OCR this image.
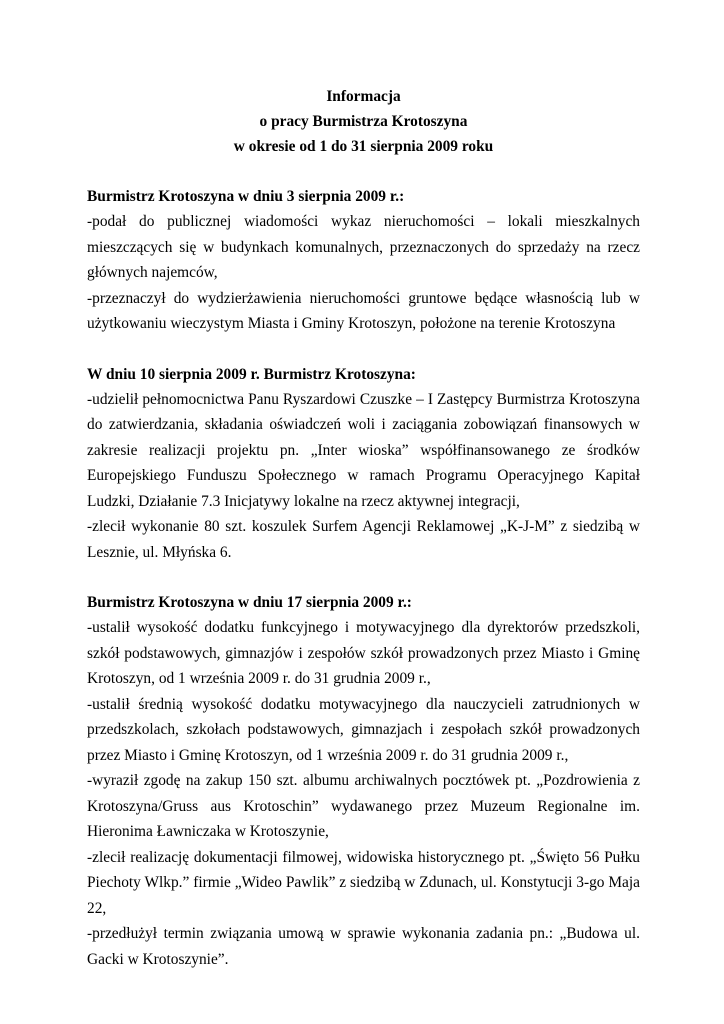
Informacja

o pracy Burmistrza Krotoszyna

w okresie od 1 do 31 sierpnia 2009 roku

Burmistrz Krotoszyna w dniu 3 sierpnia 2009 r.:

-podał do publicznej wiadomości wykaz nieruchomości – lokali mieszkalnych mieszczących się w budynkach komunalnych, przeznaczonych do sprzedaży na rzecz głównych najemców,

-przeznaczył do wydzierżawienia nieruchomości gruntowe będące własnością lub w użytkowaniu wieczystym Miasta i Gminy Krotoszyn, położone na terenie Krotoszyna

W dniu 10 sierpnia 2009 r. Burmistrz Krotoszyna:

-udzielił pełnomocnictwa Panu Ryszardowi Czuszke – I Zastępcy Burmistrza Krotoszyna do zatwierdzania, składania oświadczeń woli i zaciągania zobowiązań finansowych w zakresie realizacji projektu pn. „Inter wioska” współfinansowanego ze środków Europejskiego Funduszu Społecznego w ramach Programu Operacyjnego Kapitał Ludzki, Działanie 7.3 Inicjatywy lokalne na rzecz aktywnej integracji,

-zlecił wykonanie 80 szt. koszulek Surfem Agencji Reklamowej „K-J-M” z siedzibą w Lesznie, ul. Młyńska 6.

Burmistrz Krotoszyna w dniu 17 sierpnia 2009 r.:

-ustalił wysokość dodatku funkcyjnego i motywacyjnego dla dyrektorów przedszkoli, szkół podstawowych, gimnazjów i zespołów szkół prowadzonych przez Miasto i Gminę Krotoszyn, od 1 września 2009 r. do 31 grudnia 2009 r.,

-ustalił średnią wysokość dodatku motywacyjnego dla nauczycieli zatrudnionych w przedszkolach, szkołach podstawowych, gimnazjach i zespołach szkół prowadzonych przez Miasto i Gminę Krotoszyn, od 1 września 2009 r. do 31 grudnia 2009 r.,

-wyraził zgodę na zakup 150 szt. albumu archiwalnych pocztówek pt. „Pozdrowienia z Krotoszyna/Gruss aus Krotoschin” wydawanego przez Muzeum Regionalne im. Hieronima Ławniczaka w Krotoszynie,

-zlecił realizację dokumentacji filmowej, widowiska historycznego pt. „Święto 56 Pułku Piechoty Wlkp.” firmie „Wideo Pawlik” z siedzibą w Zdunach, ul. Konstytucji 3-go Maja 22,

-przedłużył termin związania umową w sprawie wykonania zadania pn.: „Budowa ul. Gacki w Krotoszynie”.
